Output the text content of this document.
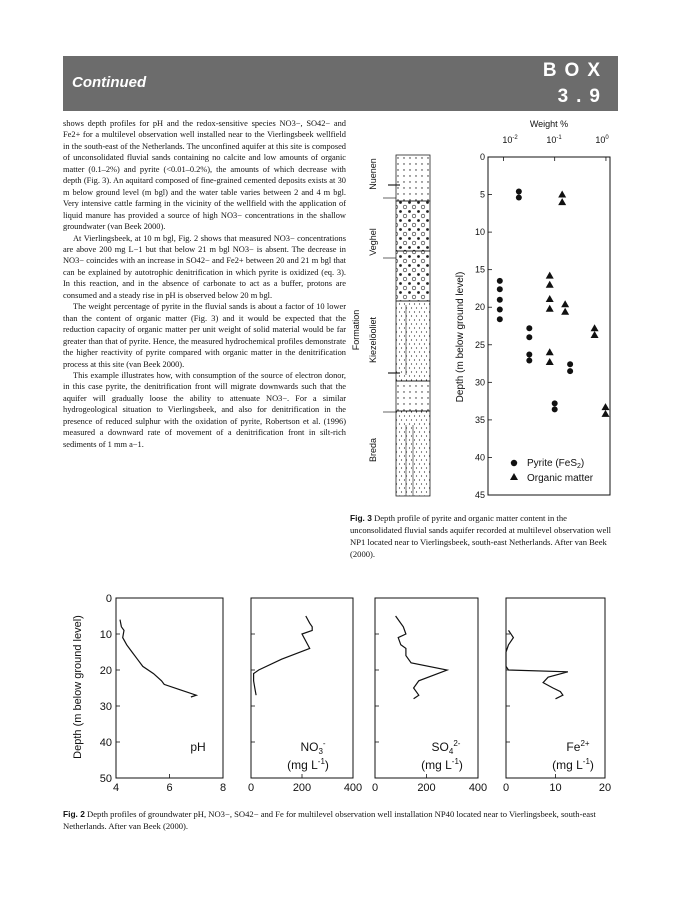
Continued
BOX
3.9

shows depth profiles for pH and the redox-sensitive species NO3−, SO42− and Fe2+ for a multilevel observation well installed near to the Vierlingsbeek wellfield in the south-east of the Netherlands. The unconfined aquifer at this site is composed of unconsolidated fluvial sands containing no calcite and low amounts of organic matter (0.1–2%) and pyrite (<0.01–0.2%), the amounts of which decrease with depth (Fig. 3). An aquitard composed of fine-grained cemented deposits exists at 30 m below ground level (m bgl) and the water table varies between 2 and 4 m bgl. Very intensive cattle farming in the vicinity of the wellfield with the application of liquid manure has provided a source of high NO3− concentrations in the shallow groundwater (van Beek 2000).

At Vierlingsbeek, at 10 m bgl, Fig. 2 shows that measured NO3− concentrations are above 200 mg L−1 but that below 21 m bgl NO3− is absent. The decrease in NO3− coincides with an increase in SO42− and Fe2+ between 20 and 21 m bgl that can be explained by autotrophic denitrification in which pyrite is oxidized (eq. 3). In this reaction, and in the absence of carbonate to act as a buffer, protons are consumed and a steady rise in pH is observed below 20 m bgl.

The weight percentage of pyrite in the fluvial sands is about a factor of 10 lower than the content of organic matter (Fig. 3) and it would be expected that the reduction capacity of organic matter per unit weight of solid material would be far greater than that of pyrite. Hence, the measured hydrochemical profiles demonstrate the higher reactivity of pyrite compared with organic matter in the denitrification process at this site (van Beek 2000).

This example illustrates how, with consumption of the source of electron donor, in this case pyrite, the denitrification front will migrate downwards such that the aquifer will gradually loose the ability to attenuate NO3−. For a similar hydrogeological situation to Vierlingsbeek, and also for denitrification in the presence of reduced sulphur with the oxidation of pyrite, Robertson et al. (1996) measured a downward rate of movement of a denitrification front in silt-rich sediments of 1 mm a−1.

Formation
Nuenen
Veghel
Kiezelöoliet
Breda
Weight %
Depth (m below ground level)
$10^{-2}$	$10^{-1}$	$10^0$
0
5
10
15
20
25
30
35
40
45
Pyrite (FeS$_2$)
Organic matter
Fig. 3 Depth profile of pyrite and organic matter content in the unconsolidated fluvial sands aquifer recorded at multilevel observation well NP1 located near to Vierlingsbeek, south-east Netherlands. After van Beek (2000).
Depth (m below ground level)
4	6	8
0
10
20
30
40
50
0	200	400 0	200	400 0	10	20
pH	$NO_3^-$
(mg $L^{-1}$)
$SO_4^{2-}$
(mg $L^{-1}$)
$Fe^{2+}$
(mg $L^{-1}$)
Fig. 2 Depth profiles of groundwater pH, NO3−, SO42− and Fe for multilevel observation well installation NP40 located near to Vierlingsbeek, south-east Netherlands. After van Beek (2000).
